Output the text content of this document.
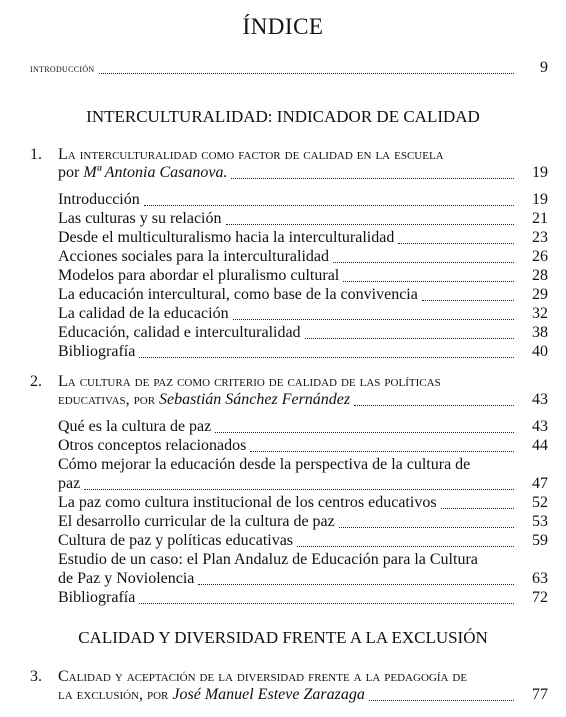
ÍNDICE
introducción	9
INTERCULTURALIDAD: INDICADOR DE CALIDAD
1. La interculturalidad como factor de calidad en la escuela
por Mª Antonia Casanova.	19
Introducción	19
Las culturas y su relación	21
Desde el multiculturalismo hacia la interculturalidad	23
Acciones sociales para la interculturalidad	26
Modelos para abordar el pluralismo cultural	28
La educación intercultural, como base de la convivencia	29
La calidad de la educación	32
Educación, calidad e interculturalidad	38
Bibliografía	40
2. La cultura de paz como criterio de calidad de las políticas
educativas, por Sebastián Sánchez Fernández	43
Qué es la cultura de paz	43
Otros conceptos relacionados	44
Cómo mejorar la educación desde la perspectiva de la cultura de
paz	47
La paz como cultura institucional de los centros educativos	52
El desarrollo curricular de la cultura de paz	53
Cultura de paz y políticas educativas	59
Estudio de un caso: el Plan Andaluz de Educación para la Cultura
de Paz y Noviolencia	63
Bibliografía	72
CALIDAD Y DIVERSIDAD FRENTE A LA EXCLUSIÓN
3. Calidad y aceptación de la diversidad frente a la pedagogía de
la exclusión, por José Manuel Esteve Zarazaga	77
